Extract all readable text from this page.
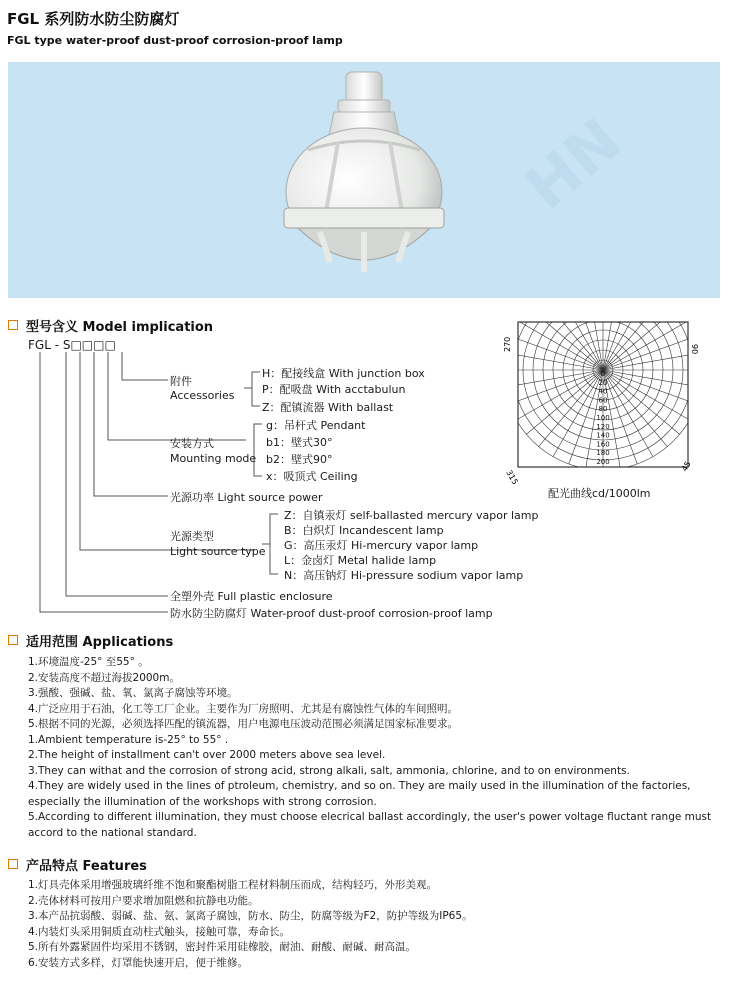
FGL 系列防水防尘防腐灯
FGL type water-proof dust-proof corrosion-proof lamp
HN
型号含义 Model implication
FGL - S□□□□
附件
Accessories
H：配接线盒 With junction box
P：配吸盘 With acctabulun
Z：配镇流器 With ballast
安装方式
Mounting mode
g：吊杆式 Pendant
b1：壁式30°
b2：壁式90°
x：吸顶式 Ceiling
光源功率 Light source power
光源类型
Light source type
Z：自镇汞灯 self-ballasted mercury vapor lamp
B：白炽灯 Incandescent lamp
G：高压汞灯 Hi-mercury vapor lamp
L：金卤灯 Metal halide lamp
N：高压钠灯 Hi-pressure sodium vapor lamp
全塑外壳 Full plastic enclosure
防水防尘防腐灯 Water-proof dust-proof corrosion-proof lamp
270	90
315
45
0
20
40
60
80
100
120
140
160
180
200
配光曲线cd/1000lm
适用范围 Applications
1.环境温度-25° 至55° 。
2.安装高度不超过海拔2000m。
3.强酸、强碱、盐、氧、氯离子腐蚀等环境。
4.广泛应用于石油，化工等工厂企业。主要作为厂房照明、尤其是有腐蚀性气体的车间照明。
5.根据不同的光源，必须选择匹配的镇流器，用户电源电压波动范围必须满足国家标准要求。
1.Ambient temperature is-25° to 55° .
2.The height of installment can't over 2000 meters above sea level.
3.They can withat and the corrosion of strong acid, strong alkali, salt, ammonia, chlorine, and to on environments.
4.They are widely used in the lines of ptroleum, chemistry, and so on. They are maily used in the illumination of the factories, especially the illumination of the workshops with strong corrosion.
5.According to different illumination, they must choose elecrical ballast accordingly, the user's power voltage fluctant range must accord to the national standard.
产品特点 Features
1.灯具壳体采用增强玻璃纤维不饱和聚酯树脂工程材料制压而成，结构轻巧，外形美观。
2.壳体材料可按用户要求增加阻燃和抗静电功能。
3.本产品抗弱酸、弱碱、盐、氨、氯离子腐蚀，防水、防尘，防腐等级为F2，防护等级为IP65。
4.内装灯头采用铜质直动柱式触头，接触可靠，寿命长。
5.所有外露紧固件均采用不锈钢，密封件采用硅橡胶，耐油、耐酸、耐碱、耐高温。
6.安装方式多样，灯罩能快速开启，便于维修。
